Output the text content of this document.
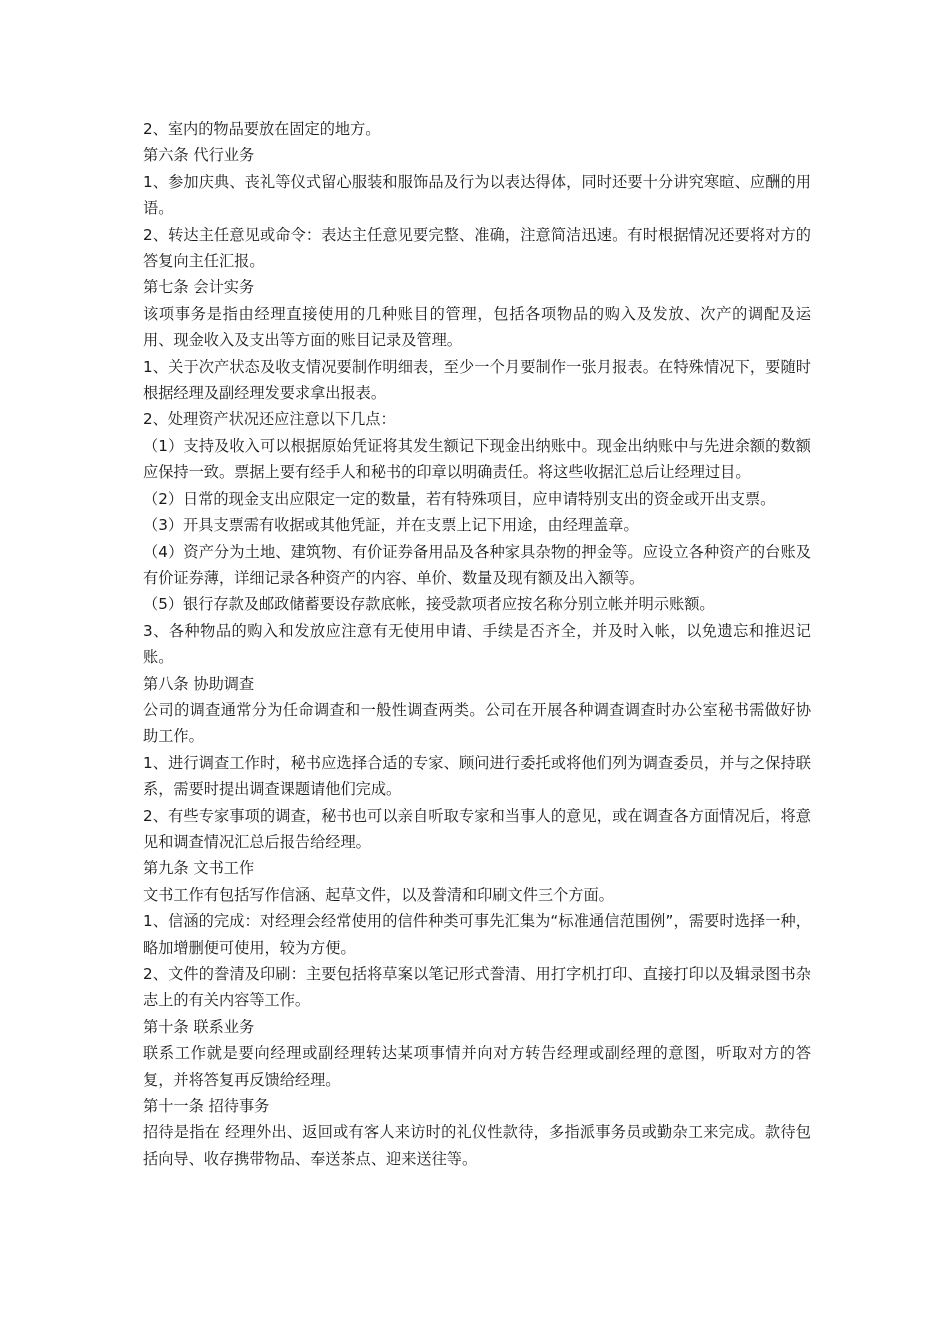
2、室内的物品要放在固定的地方。

第六条 代行业务

1、参加庆典、丧礼等仪式留心服装和服饰品及行为以表达得体，同时还要十分讲究寒暄、应酬的用语。

2、转达主任意见或命令：表达主任意见要完整、准确，注意简洁迅速。有时根据情况还要将对方的答复向主任汇报。

第七条 会计实务

该项事务是指由经理直接使用的几种账目的管理，包括各项物品的购入及发放、次产的调配及运用、现金收入及支出等方面的账目记录及管理。

1、关于次产状态及收支情况要制作明细表，至少一个月要制作一张月报表。在特殊情况下，要随时根据经理及副经理发要求拿出报表。

2、处理资产状况还应注意以下几点：

（1）支持及收入可以根据原始凭证将其发生额记下现金出纳账中。现金出纳账中与先进余额的数额应保持一致。票据上要有经手人和秘书的印章以明确责任。将这些收据汇总后让经理过目。

（2）日常的现金支出应限定一定的数量，若有特殊项目，应申请特别支出的资金或开出支票。

（3）开具支票需有收据或其他凭証，并在支票上记下用途，由经理盖章。

（4）资产分为土地、建筑物、有价证券备用品及各种家具杂物的押金等。应设立各种资产的台账及有价证券薄，详细记录各种资产的内容、单价、数量及现有额及出入额等。

（5）银行存款及邮政储蓄要设存款底帐，接受款项者应按名称分别立帐并明示账额。

3、各种物品的购入和发放应注意有无使用申请、手续是否齐全，并及时入帐，以免遗忘和推迟记账。

第八条 协助调查

公司的调查通常分为任命调查和一般性调查两类。公司在开展各种调查调查时办公室秘书需做好协助工作。

1、进行调查工作时，秘书应选择合适的专家、顾问进行委托或将他们列为调查委员，并与之保持联系，需要时提出调查课题请他们完成。

2、有些专家事项的调查，秘书也可以亲自听取专家和当事人的意见，或在调查各方面情况后，将意见和调查情况汇总后报告给经理。

第九条 文书工作

文书工作有包括写作信涵、起草文件，以及誊清和印刷文件三个方面。

1、信涵的完成：对经理会经常使用的信件种类可事先汇集为“标准通信范围例”，需要时选择一种，略加增删便可使用，较为方便。

2、文件的誊清及印刷：主要包括将草案以笔记形式誊清、用打字机打印、直接打印以及辑录图书杂志上的有关内容等工作。

第十条 联系业务

联系工作就是要向经理或副经理转达某项事情并向对方转告经理或副经理的意图，听取对方的答复，并将答复再反馈给经理。

第十一条 招待事务

招待是指在 经理外出、返回或有客人来访时的礼仪性款待，多指派事务员或勤杂工来完成。款待包括向导、收存携带物品、奉送茶点、迎来送往等。
